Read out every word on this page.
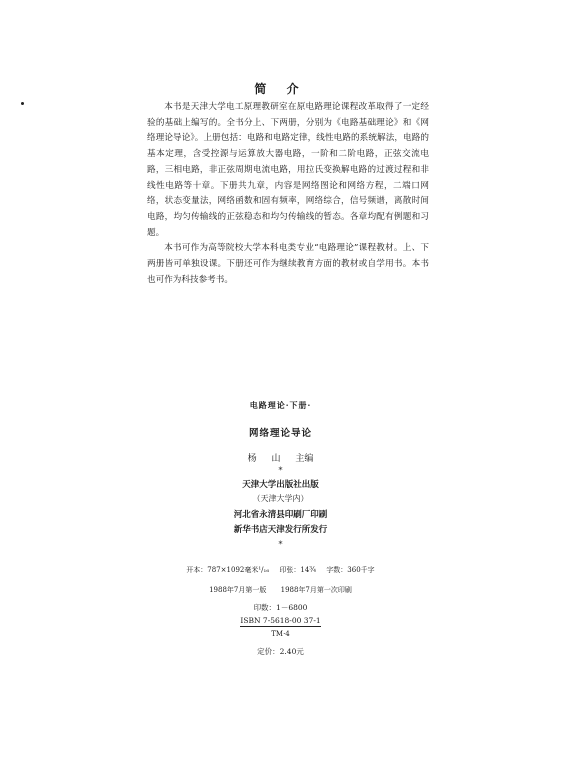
简 介

本书是天津大学电工原理教研室在原电路理论课程改革取得了一定经验的基础上编写的。全书分上、下两册，分别为《电路基础理论》和《网络理论导论》。上册包括：电路和电路定律，线性电路的系统解法，电路的基本定理，含受控源与运算放大器电路，一阶和二阶电路，正弦交流电路，三相电路，非正弦周期电流电路，用拉氏变换解电路的过渡过程和非线性电路等十章。下册共九章，内容是网络图论和网络方程，二端口网络，状态变量法，网络函数和固有频率，网络综合，信号频谱，离散时间电路，均匀传输线的正弦稳态和均匀传输线的暂态。各章均配有例题和习题。

本书可作为高等院校大学本科电类专业“电路理论”课程教材。上、下两册皆可单独设课。下册还可作为继续教育方面的教材或自学用书。本书也可作为科技参考书。

电路理论·下册·
网络理论导论
杨 山 主编
*
天津大学出版社出版
（天津大学内）
河北省永清县印刷厂印刷
新华书店天津发行所发行
*
开本：787×1092毫米¹/₁₆ 印张：14¾ 字数：360千字
1988年7月第一版 1988年7月第一次印刷
印数：1－6800
ISBN 7-5618-00 37-1
TM·4
定价：2.40元
